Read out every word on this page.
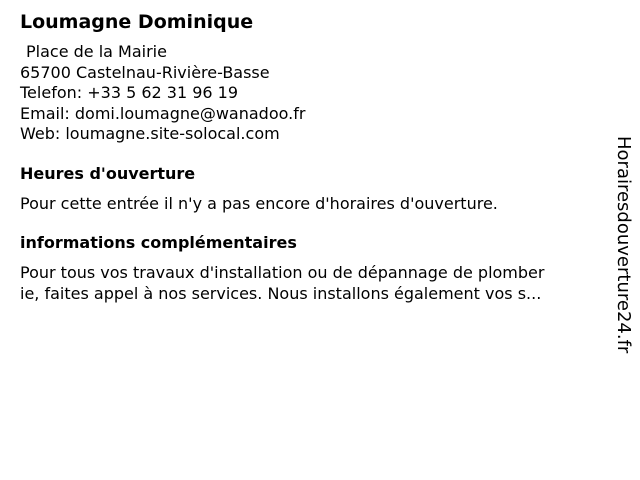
Loumagne Dominique
Place de la Mairie
65700 Castelnau-Rivière-Basse
Telefon: +33 5 62 31 96 19
Email: domi.loumagne@wanadoo.fr
Web: loumagne.site-solocal.com
Heures d'ouverture
Pour cette entrée il n'y a pas encore d'horaires d'ouverture.
informations complémentaires
Pour tous vos travaux d'installation ou de dépannage de plomber
ie, faites appel à nos services. Nous installons également vos s...	Horairesdouverture24.fr
